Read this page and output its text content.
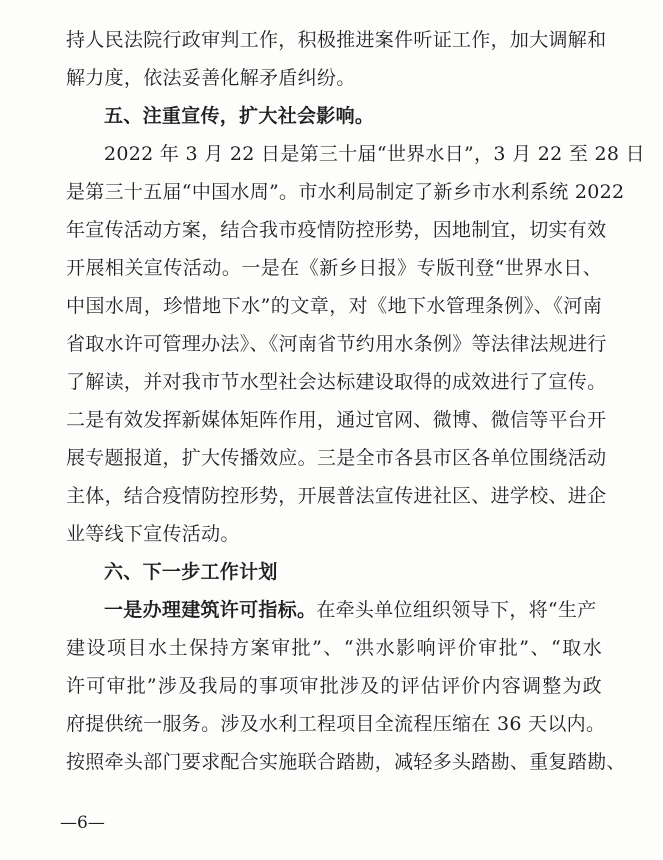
持人民法院行政审判工作，积极推进案件听证工作，加大调解和
解力度，依法妥善化解矛盾纠纷。
五、注重宣传，扩大社会影响。
2022 年 3 月 22 日是第三十届“世界水日”，3 月 22 至 28 日
是第三十五届“中国水周”。市水利局制定了新乡市水利系统 2022
年宣传活动方案，结合我市疫情防控形势，因地制宜，切实有效
开展相关宣传活动。一是在《新乡日报》专版刊登“世界水日、
中国水周，珍惜地下水”的文章，对《地下水管理条例》、《河南
省取水许可管理办法》、《河南省节约用水条例》等法律法规进行
了解读，并对我市节水型社会达标建设取得的成效进行了宣传。
二是有效发挥新媒体矩阵作用，通过官网、微博、微信等平台开
展专题报道，扩大传播效应。三是全市各县市区各单位围绕活动
主体，结合疫情防控形势，开展普法宣传进社区、进学校、进企
业等线下宣传活动。
六、下一步工作计划
一是办理建筑许可指标。在牵头单位组织领导下，将“生产
建设项目水土保持方案审批”、“洪水影响评价审批”、“取水
许可审批”涉及我局的事项审批涉及的评估评价内容调整为政
府提供统一服务。涉及水利工程项目全流程压缩在 36 天以内。
按照牵头部门要求配合实施联合踏勘，减轻多头踏勘、重复踏勘、
—6—
